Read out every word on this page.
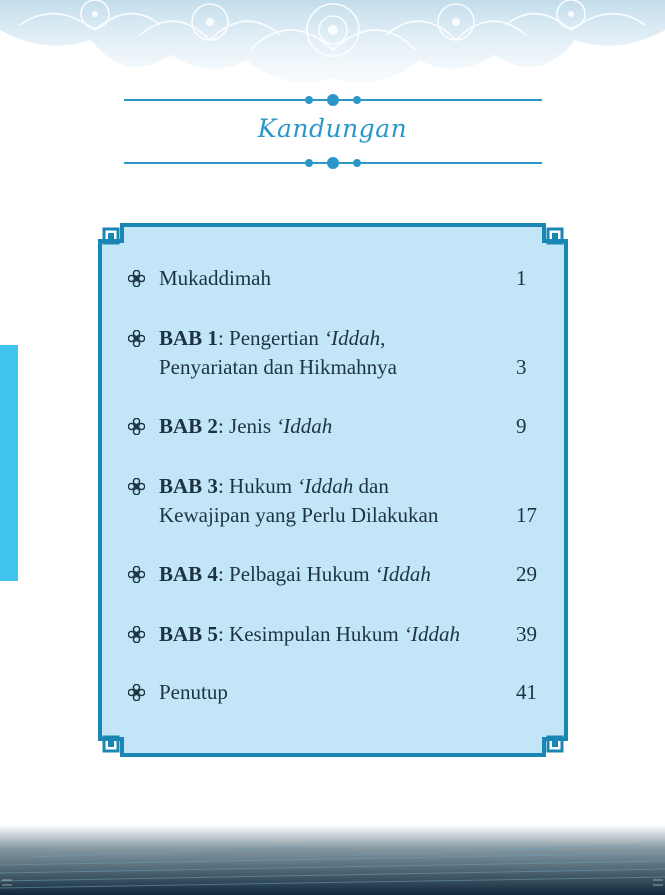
Kandungan
Mukaddimah	1
BAB 1: Pengertian ‘Iddah,
Penyariatan dan Hikmahnya	3
BAB 2: Jenis ‘Iddah	9
BAB 3: Hukum ‘Iddah dan
Kewajipan yang Perlu Dilakukan	17
BAB 4: Pelbagai Hukum ‘Iddah	29
BAB 5: Kesimpulan Hukum ‘Iddah	39
Penutup	41
